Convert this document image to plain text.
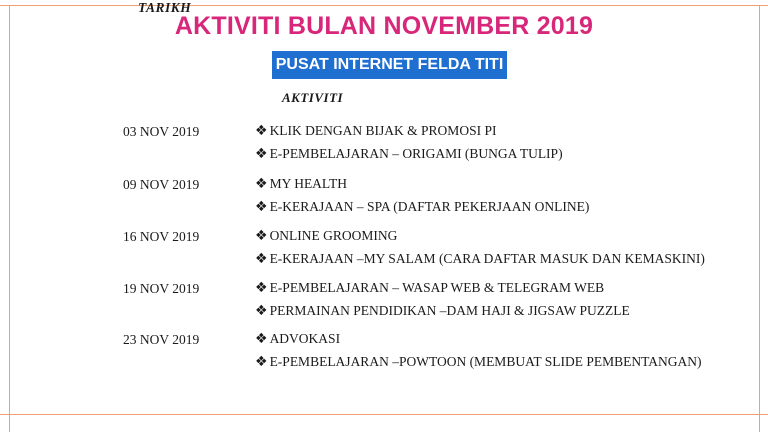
AKTIVITI BULAN NOVEMBER 2019
PUSAT INTERNET FELDA TITI
TARIKH
AKTIVITI
03 NOV 2019	❖ KLIK DENGAN BIJAK & PROMOSI PI
❖ E-PEMBELAJARAN – ORIGAMI (BUNGA TULIP)
09 NOV 2019	❖ MY HEALTH
❖ E-KERAJAAN – SPA (DAFTAR PEKERJAAN ONLINE)
16 NOV 2019	❖ ONLINE GROOMING
❖ E-KERAJAAN –MY SALAM (CARA DAFTAR MASUK DAN KEMASKINI)
19 NOV 2019	❖ E-PEMBELAJARAN – WASAP WEB & TELEGRAM WEB
❖ PERMAINAN PENDIDIKAN –DAM HAJI & JIGSAW PUZZLE
23 NOV 2019	❖ ADVOKASI
❖ E-PEMBELAJARAN –POWTOON (MEMBUAT SLIDE PEMBENTANGAN)
